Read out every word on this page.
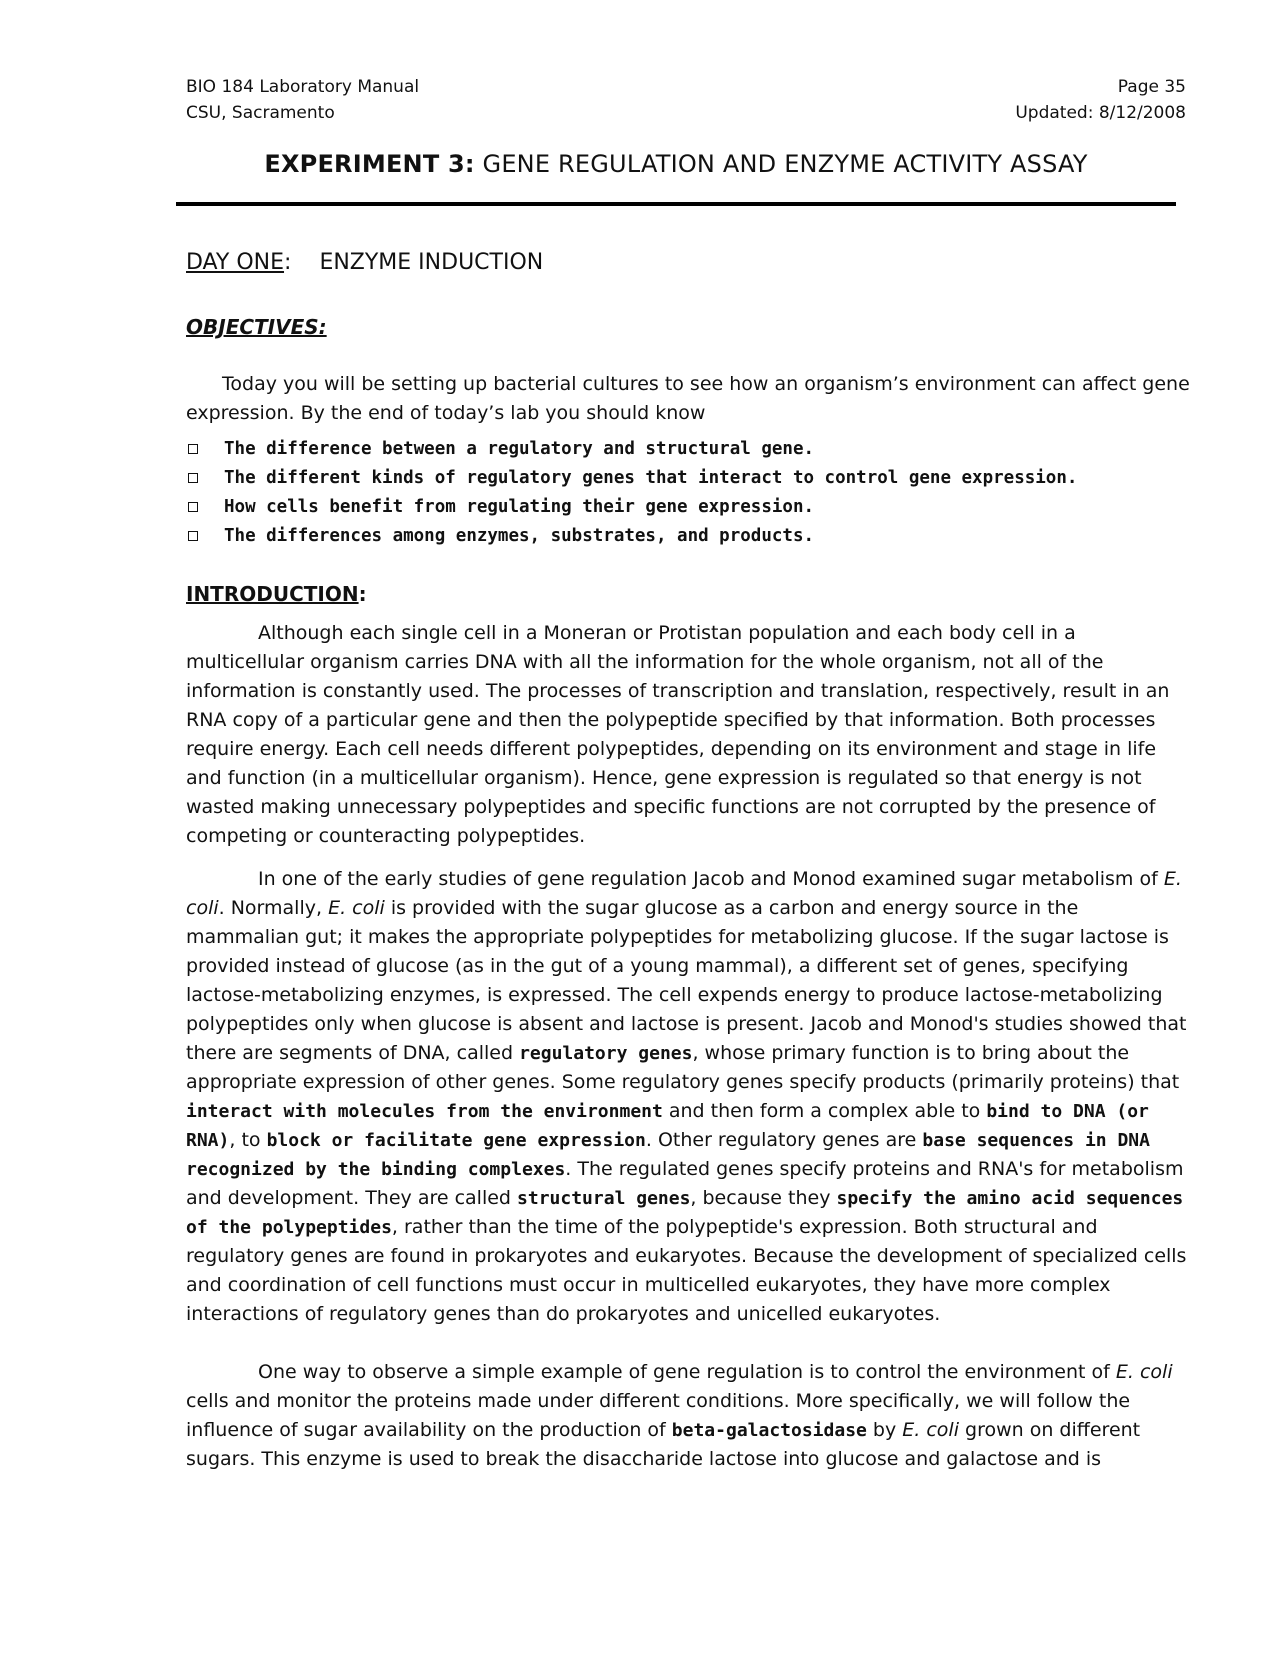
BIO 184 Laboratory Manual
CSU, Sacramento
Page 35
Updated: 8/12/2008
EXPERIMENT 3: GENE REGULATION AND ENZYME ACTIVITY ASSAY
DAY ONE: ENZYME INDUCTION
OBJECTIVES:

Today you will be setting up bacterial cultures to see how an organism’s environment can affect gene expression. By the end of today’s lab you should know

The difference between a regulatory and structural gene.
The different kinds of regulatory genes that interact to control gene expression.
How cells benefit from regulating their gene expression.
The differences among enzymes, substrates, and products.
INTRODUCTION:

Although each single cell in a Moneran or Protistan population and each body cell in a multicellular organism carries DNA with all the information for the whole organism, not all of the information is constantly used. The processes of transcription and translation, respectively, result in an RNA copy of a particular gene and then the polypeptide specified by that information. Both processes require energy. Each cell needs different polypeptides, depending on its environment and stage in life and function (in a multicellular organism). Hence, gene expression is regulated so that energy is not wasted making unnecessary polypeptides and specific functions are not corrupted by the presence of competing or counteracting polypeptides.

In one of the early studies of gene regulation Jacob and Monod examined sugar metabolism of E. coli. Normally, E. coli is provided with the sugar glucose as a carbon and energy source in the mammalian gut; it makes the appropriate polypeptides for metabolizing glucose. If the sugar lactose is provided instead of glucose (as in the gut of a young mammal), a different set of genes, specifying lactose-metabolizing enzymes, is expressed. The cell expends energy to produce lactose-metabolizing polypeptides only when glucose is absent and lactose is present. Jacob and Monod's studies showed that there are segments of DNA, called regulatory genes, whose primary function is to bring about the appropriate expression of other genes. Some regulatory genes specify products (primarily proteins) that interact with molecules from the environment and then form a complex able to bind to DNA (or RNA), to block or facilitate gene expression. Other regulatory genes are base sequences in DNA recognized by the binding complexes. The regulated genes specify proteins and RNA's for metabolism and development. They are called structural genes, because they specify the amino acid sequences of the polypeptides, rather than the time of the polypeptide's expression. Both structural and regulatory genes are found in prokaryotes and eukaryotes. Because the development of specialized cells and coordination of cell functions must occur in multicelled eukaryotes, they have more complex interactions of regulatory genes than do prokaryotes and unicelled eukaryotes.

One way to observe a simple example of gene regulation is to control the environment of E. coli cells and monitor the proteins made under different conditions. More specifically, we will follow the influence of sugar availability on the production of beta-galactosidase by E. coli grown on different sugars. This enzyme is used to break the disaccharide lactose into glucose and galactose and is
